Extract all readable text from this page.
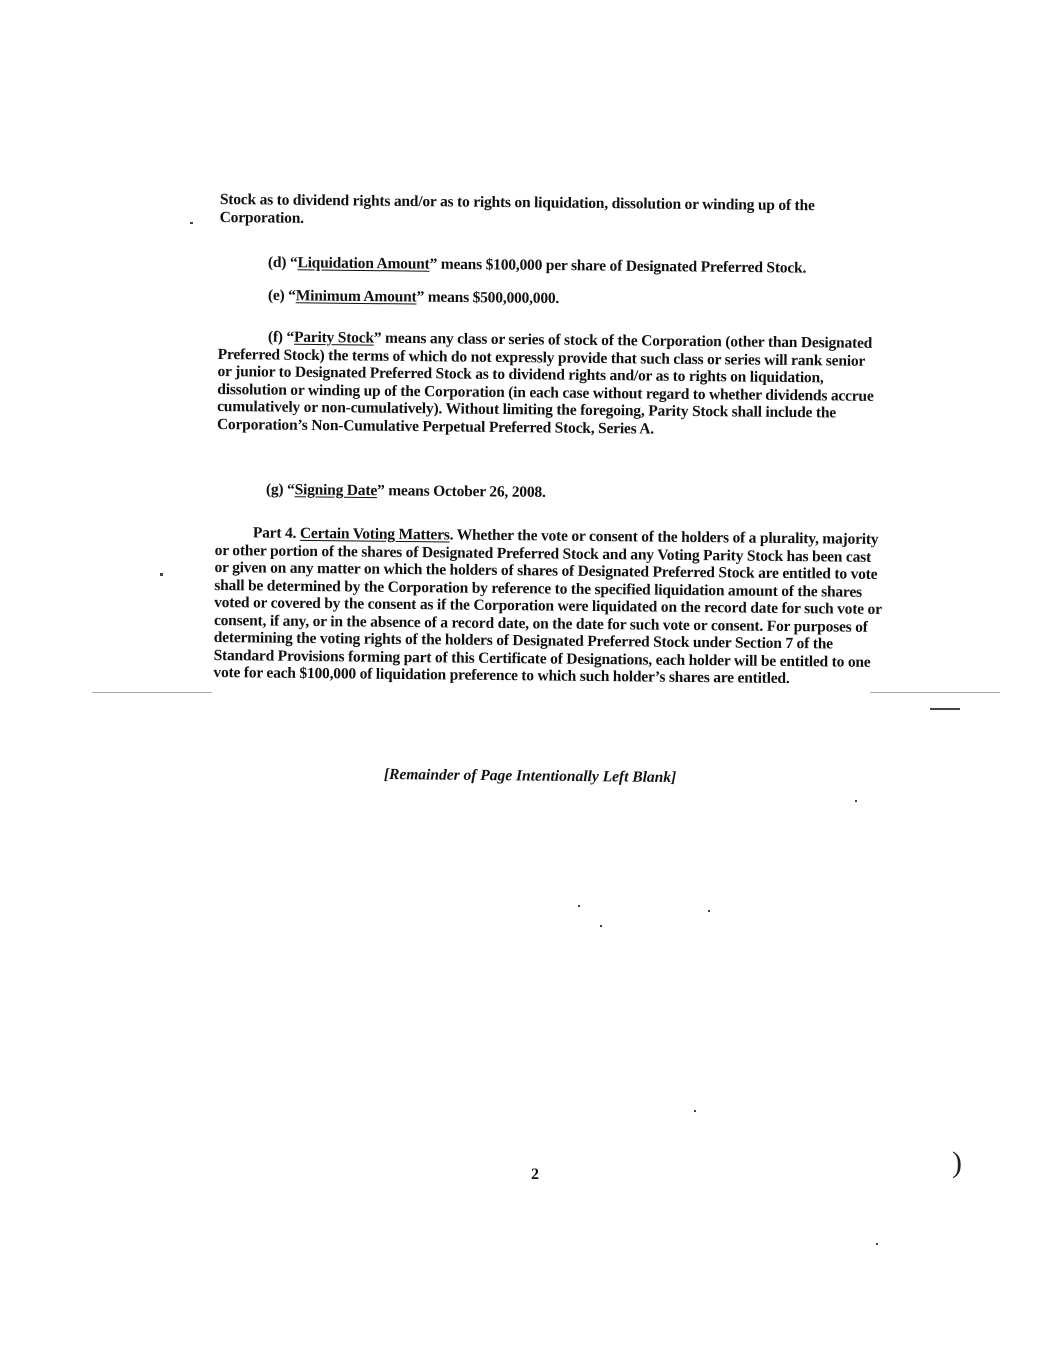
Stock as to dividend rights and/or as to rights on liquidation, dissolution or winding up of the Corporation.
(d) “Liquidation Amount” means $100,000 per share of Designated Preferred Stock.
(e) “Minimum Amount” means $500,000,000.
(f) “Parity Stock” means any class or series of stock of the Corporation (other than Designated Preferred Stock) the terms of which do not expressly provide that such class or series will rank senior or junior to Designated Preferred Stock as to dividend rights and/or as to rights on liquidation, dissolution or winding up of the Corporation (in each case without regard to whether dividends accrue cumulatively or non-cumulatively). Without limiting the foregoing, Parity Stock shall include the Corporation’s Non-Cumulative Perpetual Preferred Stock, Series A.
(g) “Signing Date” means October 26, 2008.
Part 4. Certain Voting Matters. Whether the vote or consent of the holders of a plurality, majority or other portion of the shares of Designated Preferred Stock and any Voting Parity Stock has been cast or given on any matter on which the holders of shares of Designated Preferred Stock are entitled to vote shall be determined by the Corporation by reference to the specified liquidation amount of the shares voted or covered by the consent as if the Corporation were liquidated on the record date for such vote or consent, if any, or in the absence of a record date, on the date for such vote or consent. For purposes of determining the voting rights of the holders of Designated Preferred Stock under Section 7 of the Standard Provisions forming part of this Certificate of Designations, each holder will be entitled to one vote for each $100,000 of liquidation preference to which such holder’s shares are entitled.
[Remainder of Page Intentionally Left Blank]
2	)
